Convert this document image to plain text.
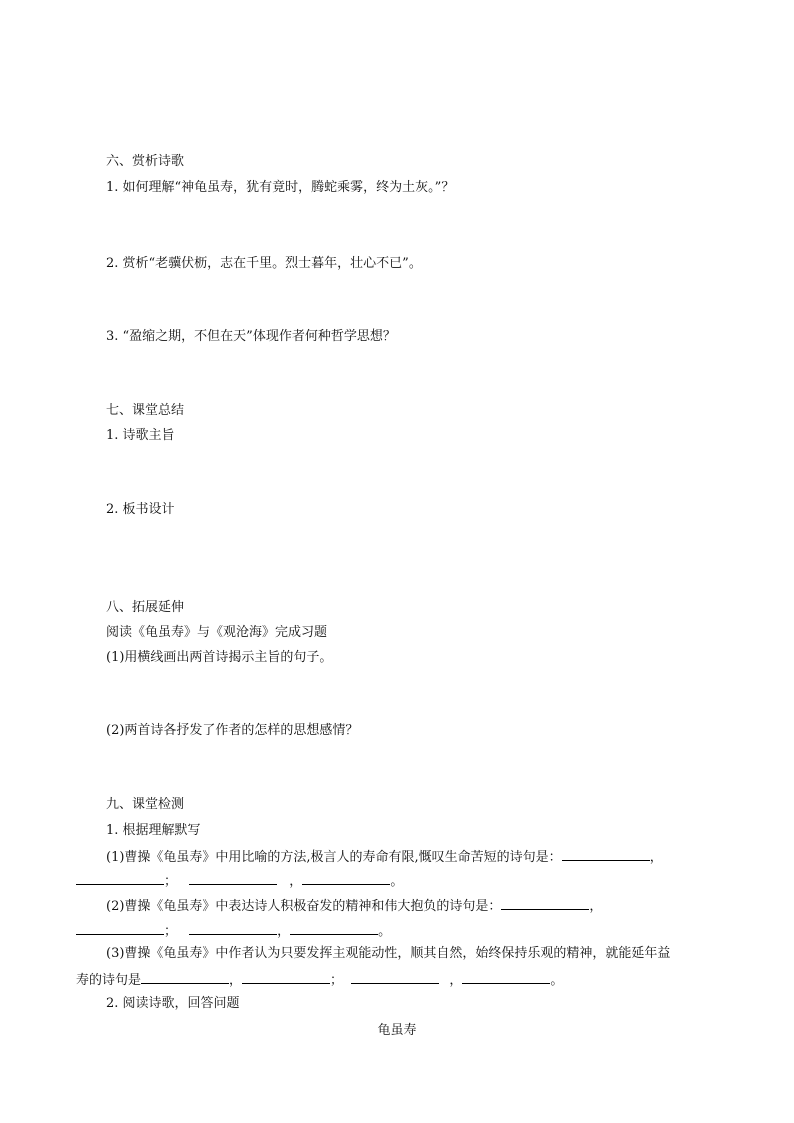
六、赏析诗歌
1. 如何理解“神龟虽寿，犹有竟时，腾蛇乘雾，终为土灰。”？
2. 赏析“老骥伏枥，志在千里。烈士暮年，壮心不已”。
3. “盈缩之期，不但在天”体现作者何种哲学思想？
七、课堂总结
1. 诗歌主旨
2. 板书设计
八、拓展延伸
阅读《龟虽寿》与《观沧海》完成习题
(1)用横线画出两首诗揭示主旨的句子。
(2)两首诗各抒发了作者的怎样的思想感情？
九、课堂检测
1. 根据理解默写
(1)曹操《龟虽寿》中用比喻的方法,极言人的寿命有限,慨叹生命苦短的诗句是：	，
；	，	。
(2)曹操《龟虽寿》中表达诗人积极奋发的精神和伟大抱负的诗句是：	，
；	，	。
(3)曹操《龟虽寿》中作者认为只要发挥主观能动性，顺其自然，始终保持乐观的精神，就能延年益
寿的诗句是	，	；	，	。
2. 阅读诗歌，回答问题
龟虽寿
